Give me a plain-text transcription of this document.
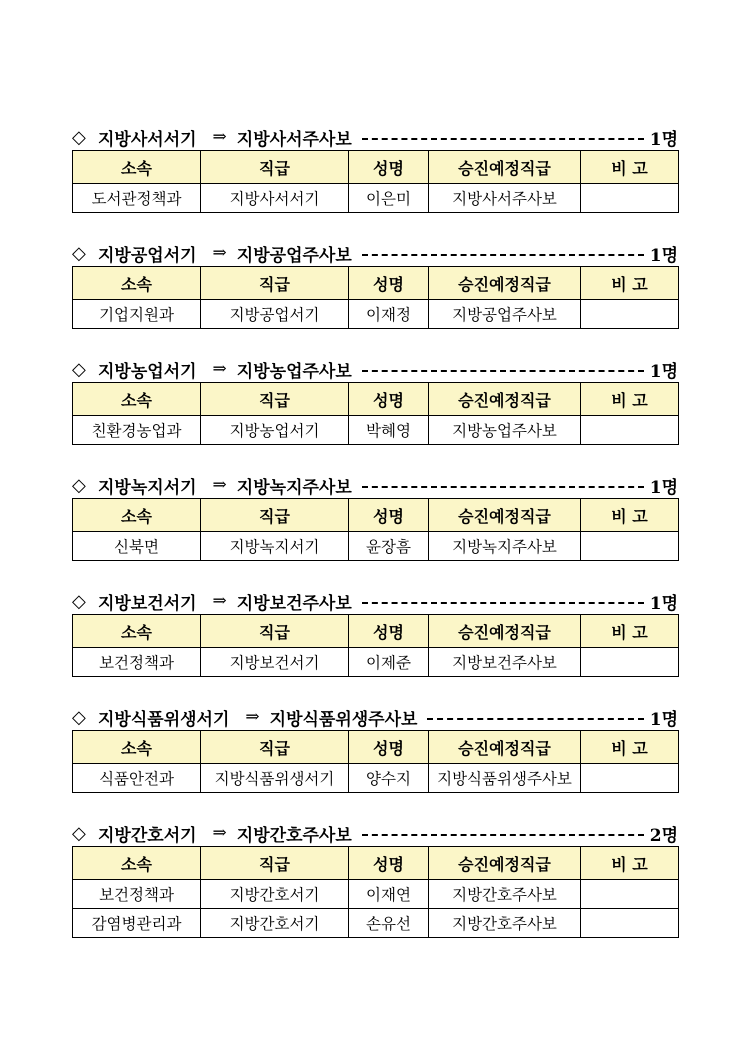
◇ 지방사서서기 ⇒ 지방사서주사보	1명
소속	직급	성명	승진예정직급	비 고
도서관정책과	지방사서서기	이은미	지방사서주사보	
◇ 지방공업서기 ⇒ 지방공업주사보	1명
소속	직급	성명	승진예정직급	비 고
기업지원과	지방공업서기	이재정	지방공업주사보	
◇ 지방농업서기 ⇒ 지방농업주사보	1명
소속	직급	성명	승진예정직급	비 고
친환경농업과	지방농업서기	박혜영	지방농업주사보	
◇ 지방녹지서기 ⇒ 지방녹지주사보	1명
소속	직급	성명	승진예정직급	비 고
신북면	지방녹지서기	윤장흠	지방녹지주사보	
◇ 지방보건서기 ⇒ 지방보건주사보	1명
소속	직급	성명	승진예정직급	비 고
보건정책과	지방보건서기	이제준	지방보건주사보	
◇ 지방식품위생서기 ⇒ 지방식품위생주사보	1명
소속	직급	성명	승진예정직급	비 고
식품안전과	지방식품위생서기	양수지	지방식품위생주사보	
◇ 지방간호서기 ⇒ 지방간호주사보	2명
소속	직급	성명	승진예정직급	비 고
보건정책과	지방간호서기	이재연	지방간호주사보	
감염병관리과	지방간호서기	손유선	지방간호주사보	
